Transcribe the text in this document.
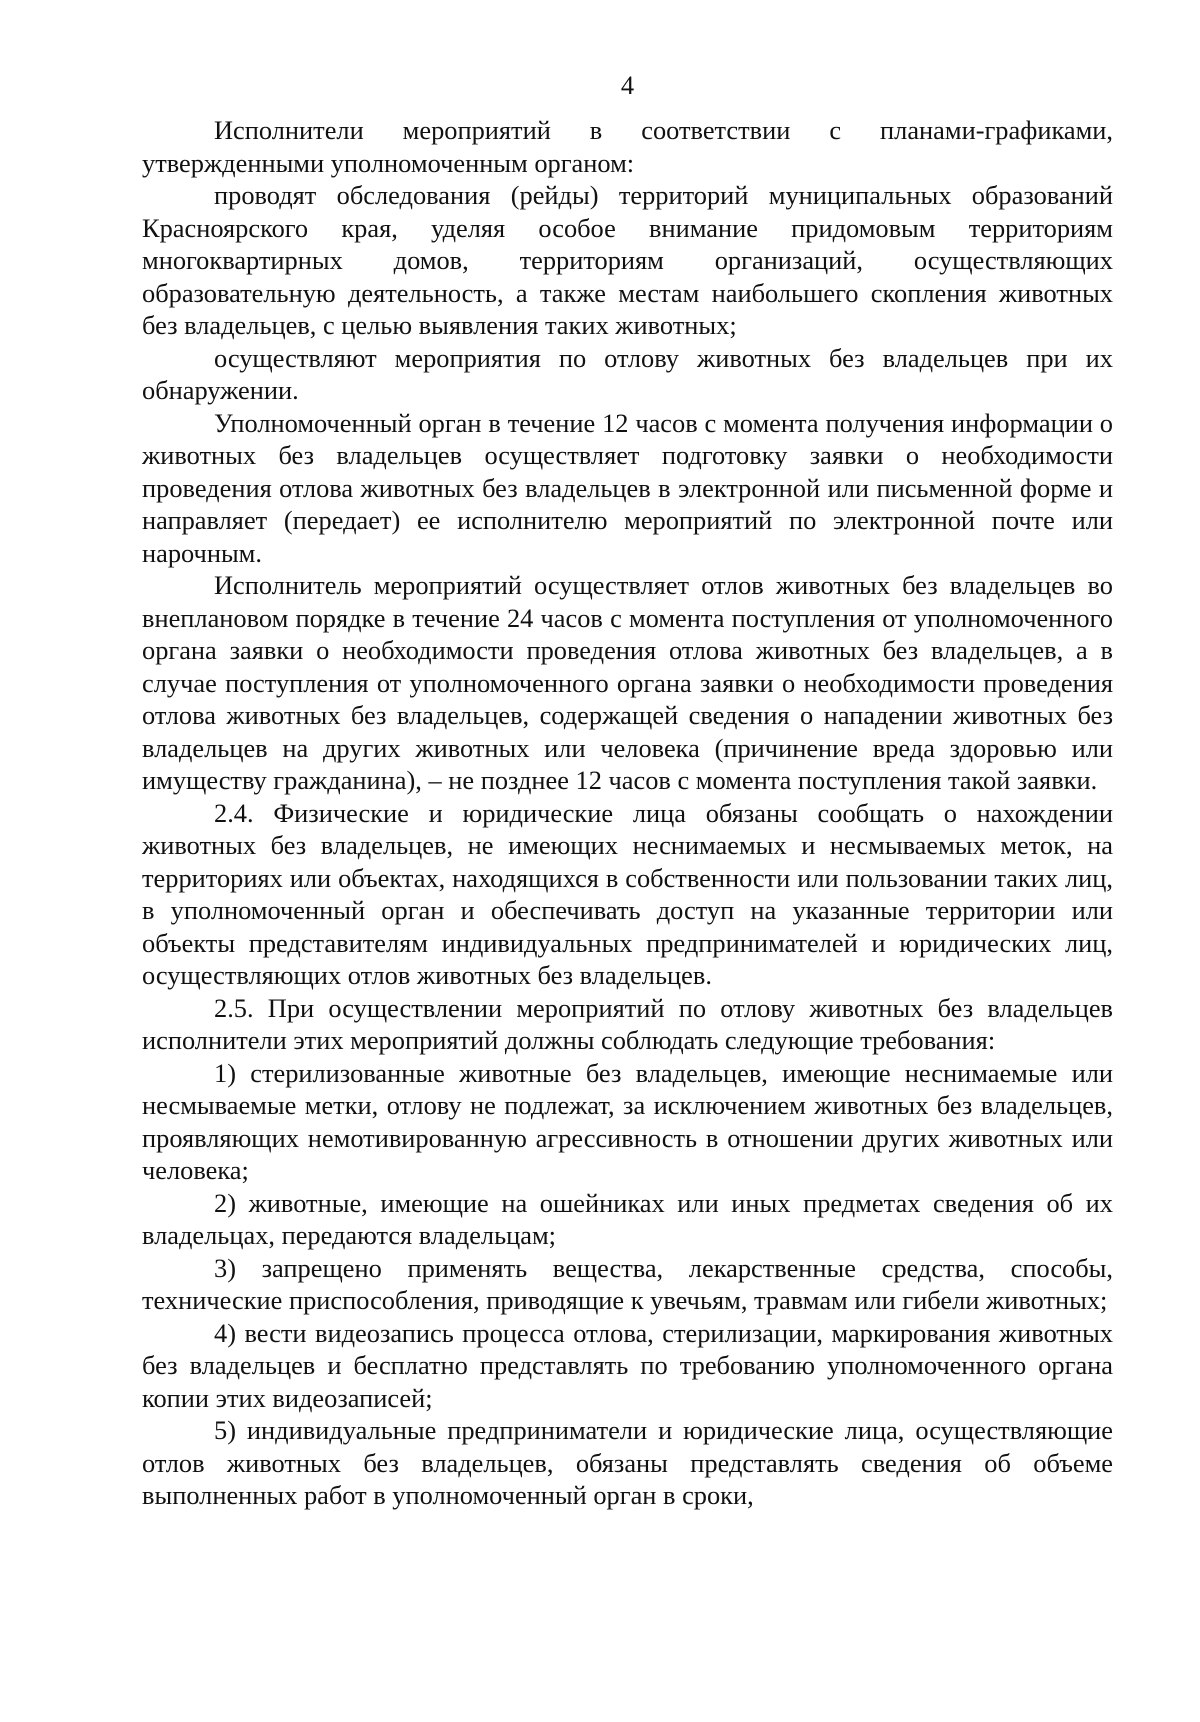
4

Исполнители мероприятий в соответствии с планами-графиками, утвержденными уполномоченным органом:

проводят обследования (рейды) территорий муниципальных образований Красноярского края, уделяя особое внимание придомовым территориям многоквартирных домов, территориям организаций, осуществляющих образовательную деятельность, а также местам наибольшего скопления животных без владельцев, с целью выявления таких животных;

осуществляют мероприятия по отлову животных без владельцев при их обнаружении.

Уполномоченный орган в течение 12 часов с момента получения информации о животных без владельцев осуществляет подготовку заявки о необходимости проведения отлова животных без владельцев в электронной или письменной форме и направляет (передает) ее исполнителю мероприятий по электронной почте или нарочным.

Исполнитель мероприятий осуществляет отлов животных без владельцев во внеплановом порядке в течение 24 часов с момента поступления от уполномоченного органа заявки о необходимости проведения отлова животных без владельцев, а в случае поступления от уполномоченного органа заявки о необходимости проведения отлова животных без владельцев, содержащей сведения о нападении животных без владельцев на других животных или человека (причинение вреда здоровью или имуществу гражданина), – не позднее 12 часов с момента поступления такой заявки.

2.4. Физические и юридические лица обязаны сообщать о нахождении животных без владельцев, не имеющих неснимаемых и несмываемых меток, на территориях или объектах, находящихся в собственности или пользовании таких лиц, в уполномоченный орган и обеспечивать доступ на указанные территории или объекты представителям индивидуальных предпринимателей и юридических лиц, осуществляющих отлов животных без владельцев.

2.5. При осуществлении мероприятий по отлову животных без владельцев исполнители этих мероприятий должны соблюдать следующие требования:

1) стерилизованные животные без владельцев, имеющие неснимаемые или несмываемые метки, отлову не подлежат, за исключением животных без владельцев, проявляющих немотивированную агрессивность в отношении других животных или человека;

2) животные, имеющие на ошейниках или иных предметах сведения об их владельцах, передаются владельцам;

3) запрещено применять вещества, лекарственные средства, способы, технические приспособления, приводящие к увечьям, травмам или гибели животных;

4) вести видеозапись процесса отлова, стерилизации, маркирования животных без владельцев и бесплатно представлять по требованию уполномоченного органа копии этих видеозаписей;

5) индивидуальные предприниматели и юридические лица, осуществляющие отлов животных без владельцев, обязаны представлять сведения об объеме выполненных работ в уполномоченный орган в сроки,
